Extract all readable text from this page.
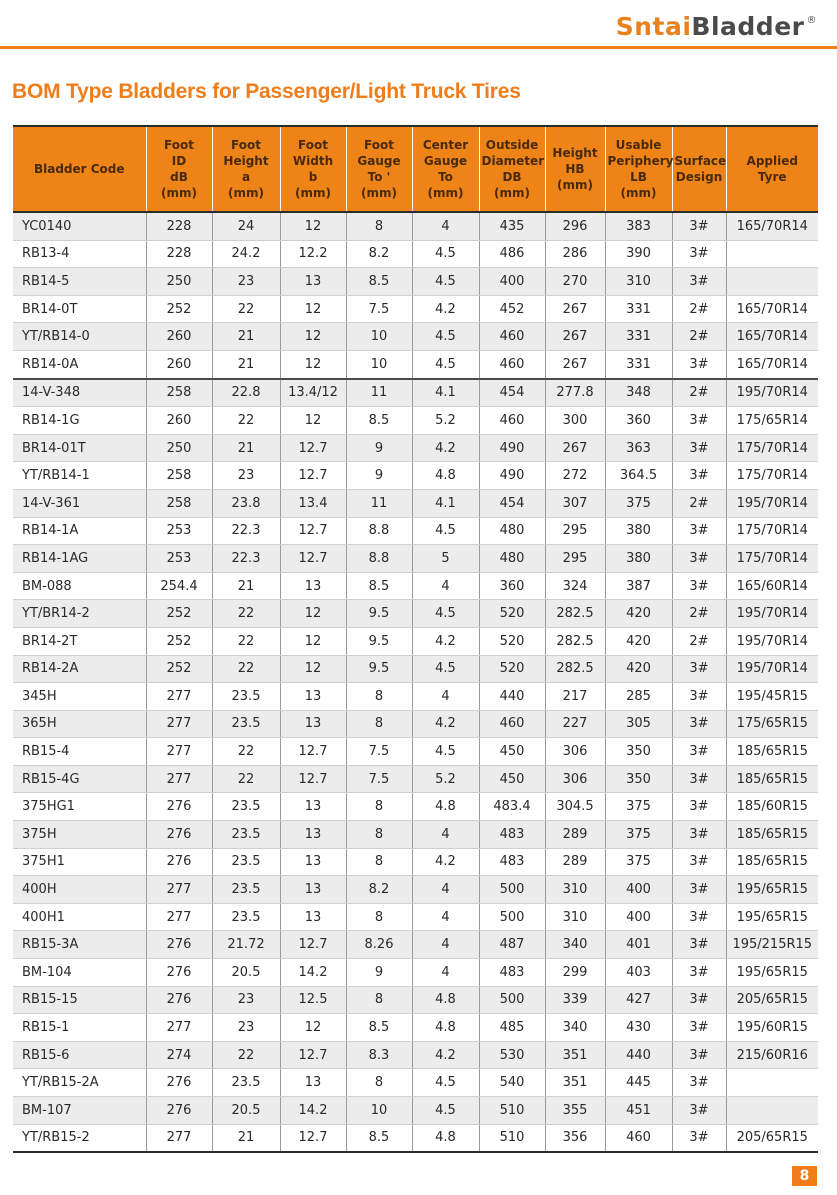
SntaiBladder ®
BOM Type Bladders for Passenger/Light Truck Tires
Bladder Code	Foot
ID
dB
(mm)	Foot
Height
a
(mm)	Foot
Width
b
(mm)	Foot
Gauge
To '
(mm)	Center
Gauge
To
(mm)	Outside
Diameter
DB
(mm)	Height
HB
(mm)	Usable
Periphery
LB
(mm)	Surface
Design	Applied
Tyre
YC0140	228	24	12	8	4	435	296	383	3#	165/70R14
RB13-4	228	24.2	12.2	8.2	4.5	486	286	390	3#	
RB14-5	250	23	13	8.5	4.5	400	270	310	3#	
BR14-0T	252	22	12	7.5	4.2	452	267	331	2#	165/70R14
YT/RB14-0	260	21	12	10	4.5	460	267	331	2#	165/70R14
RB14-0A	260	21	12	10	4.5	460	267	331	3#	165/70R14
14-V-348	258	22.8	13.4/12	11	4.1	454	277.8	348	2#	195/70R14
RB14-1G	260	22	12	8.5	5.2	460	300	360	3#	175/65R14
BR14-01T	250	21	12.7	9	4.2	490	267	363	3#	175/70R14
YT/RB14-1	258	23	12.7	9	4.8	490	272	364.5	3#	175/70R14
14-V-361	258	23.8	13.4	11	4.1	454	307	375	2#	195/70R14
RB14-1A	253	22.3	12.7	8.8	4.5	480	295	380	3#	175/70R14
RB14-1AG	253	22.3	12.7	8.8	5	480	295	380	3#	175/70R14
BM-088	254.4	21	13	8.5	4	360	324	387	3#	165/60R14
YT/BR14-2	252	22	12	9.5	4.5	520	282.5	420	2#	195/70R14
BR14-2T	252	22	12	9.5	4.2	520	282.5	420	2#	195/70R14
RB14-2A	252	22	12	9.5	4.5	520	282.5	420	3#	195/70R14
345H	277	23.5	13	8	4	440	217	285	3#	195/45R15
365H	277	23.5	13	8	4.2	460	227	305	3#	175/65R15
RB15-4	277	22	12.7	7.5	4.5	450	306	350	3#	185/65R15
RB15-4G	277	22	12.7	7.5	5.2	450	306	350	3#	185/65R15
375HG1	276	23.5	13	8	4.8	483.4	304.5	375	3#	185/60R15
375H	276	23.5	13	8	4	483	289	375	3#	185/65R15
375H1	276	23.5	13	8	4.2	483	289	375	3#	185/65R15
400H	277	23.5	13	8.2	4	500	310	400	3#	195/65R15
400H1	277	23.5	13	8	4	500	310	400	3#	195/65R15
RB15-3A	276	21.72	12.7	8.26	4	487	340	401	3#	195/215R15
BM-104	276	20.5	14.2	9	4	483	299	403	3#	195/65R15
RB15-15	276	23	12.5	8	4.8	500	339	427	3#	205/65R15
RB15-1	277	23	12	8.5	4.8	485	340	430	3#	195/60R15
RB15-6	274	22	12.7	8.3	4.2	530	351	440	3#	215/60R16
YT/RB15-2A	276	23.5	13	8	4.5	540	351	445	3#	
BM-107	276	20.5	14.2	10	4.5	510	355	451	3#	
YT/RB15-2	277	21	12.7	8.5	4.8	510	356	460	3#	205/65R15
8
